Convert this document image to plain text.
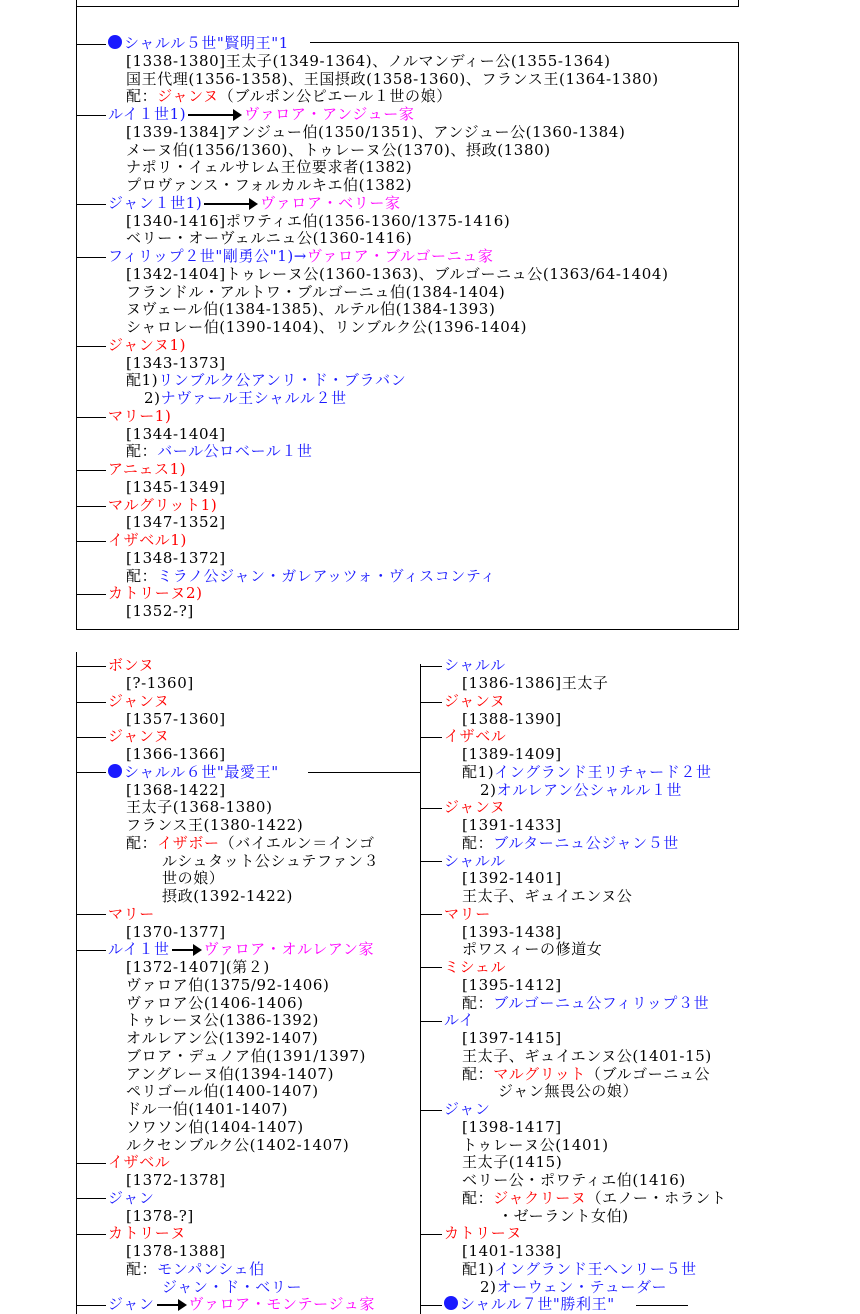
シャルル５世"賢明王"1
[1338-1380]王太子(1349-1364)、ノルマンディー公(1355-1364)
国王代理(1356-1358)、王国摂政(1358-1360)、フランス王(1364-1380)
配：ジャンヌ（ブルボン公ピエール１世の娘）
ルイ１世1)	ヴァロア・アンジュー家
[1339-1384]アンジュー伯(1350/1351)、アンジュー公(1360-1384)
メーヌ伯(1356/1360)、トゥレーヌ公(1370)、摂政(1380)
ナポリ・イェルサレム王位要求者(1382)
プロヴァンス・フォルカルキエ伯(1382)
ジャン１世1)	ヴァロア・ベリー家
[1340-1416]ポワティエ伯(1356-1360/1375-1416)
ベリー・オーヴェルニュ公(1360-1416)
フィリップ２世"剛勇公"1)→ヴァロア・ブルゴーニュ家
[1342-1404]トゥレーヌ公(1360-1363)、ブルゴーニュ公(1363/64-1404)
フランドル・アルトワ・ブルゴーニュ伯(1384-1404)
ヌヴェール伯(1384-1385)、ルテル伯(1384-1393)
シャロレー伯(1390-1404)、リンブルク公(1396-1404)
ジャンヌ1)
[1343-1373]
配1)リンブルク公アンリ・ド・ブラバン
2)ナヴァール王シャルル２世
マリー1)
[1344-1404]
配：バール公ロベール１世
アニェス1)
[1345-1349]
マルグリット1)
[1347-1352]
イザベル1)
[1348-1372]
配：ミラノ公ジャン・ガレアッツォ・ヴィスコンティ
カトリーヌ2)
[1352-?]
ボンヌ
[?-1360]
ジャンヌ
[1357-1360]
ジャンヌ
[1366-1366]
シャルル６世"最愛王"
[1368-1422]
王太子(1368-1380)
フランス王(1380-1422)
配：イザボー（バイエルン＝インゴ
ルシュタット公シュテファン３
世の娘）
摂政(1392-1422)
マリー
[1370-1377]
ルイ１世 ヴァロア・オルレアン家
[1372-1407](第２)
ヴァロア伯(1375/92-1406)
ヴァロア公(1406-1406)
トゥレーヌ公(1386-1392)
オルレアン公(1392-1407)
ブロア・デュノア伯(1391/1397)
アングレーヌ伯(1394-1407)
ペリゴール伯(1400-1407)
ドル一伯(1401-1407)
ソワソン伯(1404-1407)
ルクセンブルク公(1402-1407)
イザベル
[1372-1378]
ジャン
[1378-?]
カトリーヌ
[1378-1388]
配：モンパンシェ伯
ジャン・ド・ベリー
ジャン ヴァロア・モンテージュ家
シャルル
[1386-1386]王太子
ジャンヌ
[1388-1390]
イザベル
[1389-1409]
配1)イングランド王リチャード２世
2)オルレアン公シャルル１世
ジャンヌ
[1391-1433]
配：ブルターニュ公ジャン５世
シャルル
[1392-1401]
王太子、ギュイエンヌ公
マリー
[1393-1438]
ポワスィーの修道女
ミシェル
[1395-1412]
配：ブルゴーニュ公フィリップ３世
ルイ
[1397-1415]
王太子、ギュイエンヌ公(1401-15)
配：マルグリット（ブルゴーニュ公
ジャン無畏公の娘）
ジャン
[1398-1417]
トゥレーヌ公(1401)
王太子(1415)
ベリー公・ポワティエ伯(1416)
配：ジャクリーヌ（エノー・ホラント
・ゼーラント女伯)
カトリーヌ
[1401-1338]
配1)イングランド王ヘンリー５世
2)オーウェン・テューダー
シャルル７世"勝利王"
